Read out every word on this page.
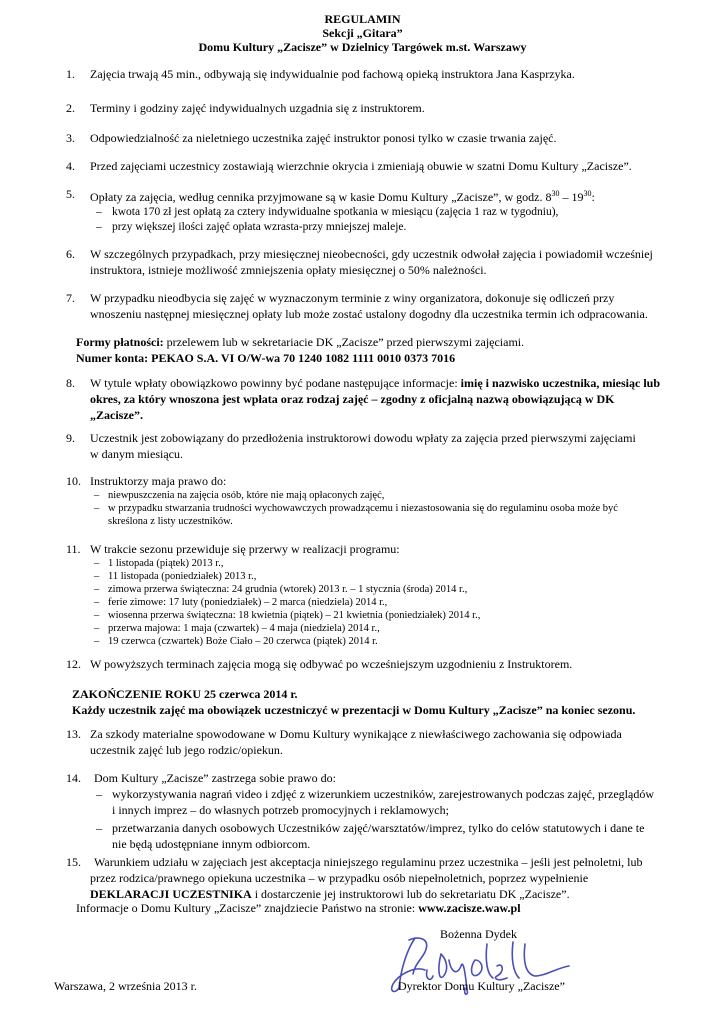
REGULAMIN
Sekcji „Gitara”
Domu Kultury „Zacisze” w Dzielnicy Targówek m.st. Warszawy
1. Zajęcia trwają 45 min., odbywają się indywidualnie pod fachową opieką instruktora Jana Kasprzyka.
2. Terminy i godziny zajęć indywidualnych uzgadnia się z instruktorem.
3. Odpowiedzialność za nieletniego uczestnika zajęć instruktor ponosi tylko w czasie trwania zajęć.
4. Przed zajęciami uczestnicy zostawiają wierzchnie okrycia i zmieniają obuwie w szatni Domu Kultury „Zacisze”.
5. Opłaty za zajęcia, według cennika przyjmowane są w kasie Domu Kultury „Zacisze”, w godz. $8^{30} - 19^{30}$:
– kwota 170 zł jest opłatą za cztery indywidualne spotkania w miesiącu (zajęcia 1 raz w tygodniu),
– przy większej ilości zajęć opłata wzrasta-przy mniejszej maleje.
6. W szczególnych przypadkach, przy miesięcznej nieobecności, gdy uczestnik odwołał zajęcia i powiadomił wcześniej
instruktora, istnieje możliwość zmniejszenia opłaty miesięcznej o 50% należności.
7. W przypadku nieodbycia się zajęć w wyznaczonym terminie z winy organizatora, dokonuje się odliczeń przy
wnoszeniu następnej miesięcznej opłaty lub może zostać ustalony dogodny dla uczestnika termin ich odpracowania.
Formy płatności: przelewem lub w sekretariacie DK „Zacisze” przed pierwszymi zajęciami.
Numer konta: PEKAO S.A. VI O/W-wa 70 1240 1082 1111 0010 0373 7016
8. W tytule wpłaty obowiązkowo powinny być podane następujące informacje: imię i nazwisko uczestnika, miesiąc lub
okres, za który wnoszona jest wpłata oraz rodzaj zajęć – zgodny z oficjalną nazwą obowiązującą w DK
„Zacisze”.
9. Uczestnik jest zobowiązany do przedłożenia instruktorowi dowodu wpłaty za zajęcia przed pierwszymi zajęciami
w danym miesiącu.
10. Instruktorzy maja prawo do:
– niewpuszczenia na zajęcia osób, które nie mają opłaconych zajęć,
– w przypadku stwarzania trudności wychowawczych prowadzącemu i niezastosowania się do regulaminu osoba może być
skreślona z listy uczestników.
11. W trakcie sezonu przewiduje się przerwy w realizacji programu:
– 1 listopada (piątek) 2013 r.,
– 11 listopada (poniedziałek) 2013 r.,
– zimowa przerwa świąteczna: 24 grudnia (wtorek) 2013 r. – 1 stycznia (środa) 2014 r.,
– ferie zimowe: 17 luty (poniedziałek) – 2 marca (niedziela) 2014 r.,
– wiosenna przerwa świąteczna: 18 kwietnia (piątek) – 21 kwietnia (poniedziałek) 2014 r.,
– przerwa majowa: 1 maja (czwartek) – 4 maja (niedziela) 2014 r.,
– 19 czerwca (czwartek) Boże Ciało – 20 czerwca (piątek) 2014 r.
12. W powyższych terminach zajęcia mogą się odbywać po wcześniejszym uzgodnieniu z Instruktorem.
ZAKOŃCZENIE ROKU 25 czerwca 2014 r.
Każdy uczestnik zajęć ma obowiązek uczestniczyć w prezentacji w Domu Kultury „Zacisze” na koniec sezonu.
13. Za szkody materialne spowodowane w Domu Kultury wynikające z niewłaściwego zachowania się odpowiada
uczestnik zajęć lub jego rodzic/opiekun.
14. Dom Kultury „Zacisze” zastrzega sobie prawo do:
– wykorzystywania nagrań video i zdjęć z wizerunkiem uczestników, zarejestrowanych podczas zajęć, przeglądów
i innych imprez – do własnych potrzeb promocyjnych i reklamowych;
– przetwarzania danych osobowych Uczestników zajęć/warsztatów/imprez, tylko do celów statutowych i dane te
nie będą udostępniane innym odbiorcom.
15. Warunkiem udziału w zajęciach jest akceptacja niniejszego regulaminu przez uczestnika – jeśli jest pełnoletni, lub
przez rodzica/prawnego opiekuna uczestnika – w przypadku osób niepełnoletnich, poprzez wypełnienie
DEKLARACJI UCZESTNIKA i dostarczenie jej instruktorowi lub do sekretariatu DK „Zacisze”.
Informacje o Domu Kultury „Zacisze” znajdziecie Państwo na stronie: www.zacisze.waw.pl
Bożenna Dydek
Warszawa, 2 września 2013 r.	Dyrektor Domu Kultury „Zacisze”
